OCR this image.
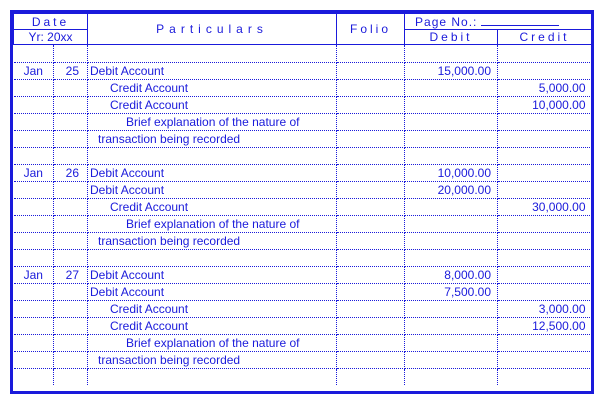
Date		Particulars	Folio	Page No.:	
Yr: 20xx				Debit	Credit

Jan	25	Debit Account		15,000.00	
		Credit Account			5,000.00
		Credit Account			10,000.00
		Brief explanation of the nature of			
		transaction being recorded			

Jan	26	Debit Account		10,000.00	
		Debit Account		20,000.00	
		Credit Account			30,000.00
		Brief explanation of the nature of			
		transaction being recorded			

Jan	27	Debit Account		8,000.00	
		Debit Account		7,500.00	
		Credit Account			3,000.00
		Credit Account			12,500.00
		Brief explanation of the nature of			
		transaction being recorded			
